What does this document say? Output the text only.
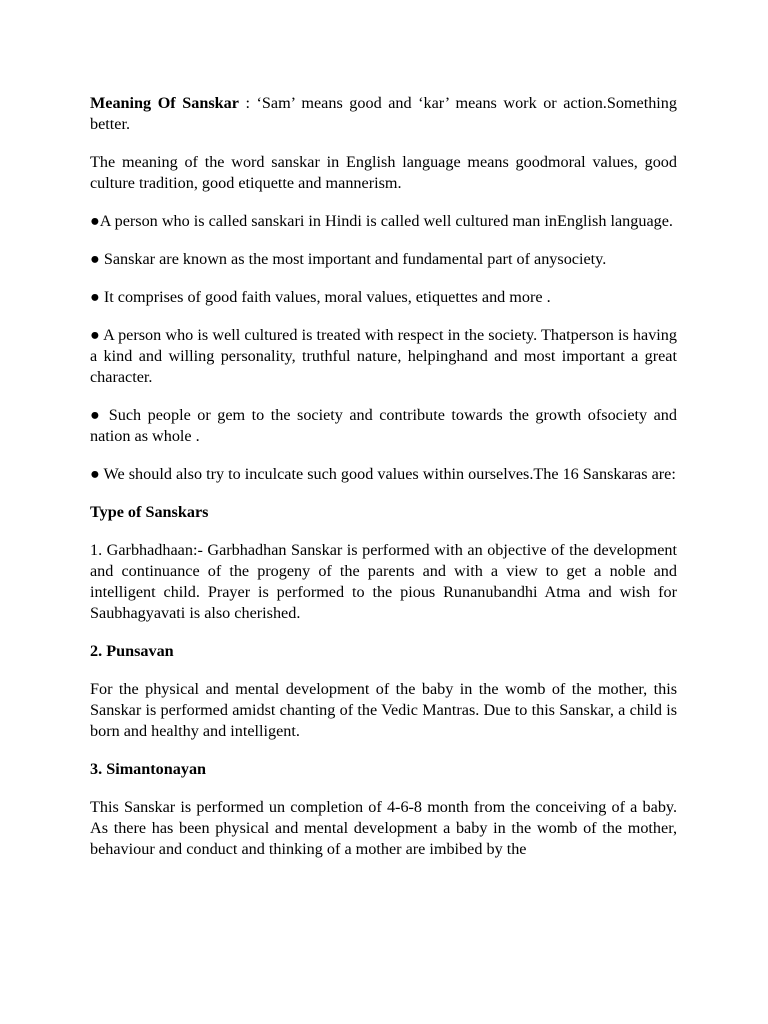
Meaning Of Sanskar : ‘Sam’ means good and ‘kar’ means work or action.Something better.

The meaning of the word sanskar in English language means goodmoral values, good culture tradition, good etiquette and mannerism.

●A person who is called sanskari in Hindi is called well cultured man inEnglish language.

● Sanskar are known as the most important and fundamental part of anysociety.

● It comprises of good faith values, moral values, etiquettes and more .

● A person who is well cultured is treated with respect in the society. Thatperson is having a kind and willing personality, truthful nature, helpinghand and most important a great character.

● Such people or gem to the society and contribute towards the growth ofsociety and nation as whole .

● We should also try to inculcate such good values within ourselves.The 16 Sanskaras are:

Type of Sanskars

1. Garbhadhaan:- Garbhadhan Sanskar is performed with an objective of the development and continuance of the progeny of the parents and with a view to get a noble and intelligent child. Prayer is performed to the pious Runanubandhi Atma and wish for Saubhagyavati is also cherished.

2. Punsavan

For the physical and mental development of the baby in the womb of the mother, this Sanskar is performed amidst chanting of the Vedic Mantras. Due to this Sanskar, a child is born and healthy and intelligent.

3. Simantonayan

This Sanskar is performed un completion of 4-6-8 month from the conceiving of a baby. As there has been physical and mental development a baby in the womb of the mother, behaviour and conduct and thinking of a mother are imbibed by the
